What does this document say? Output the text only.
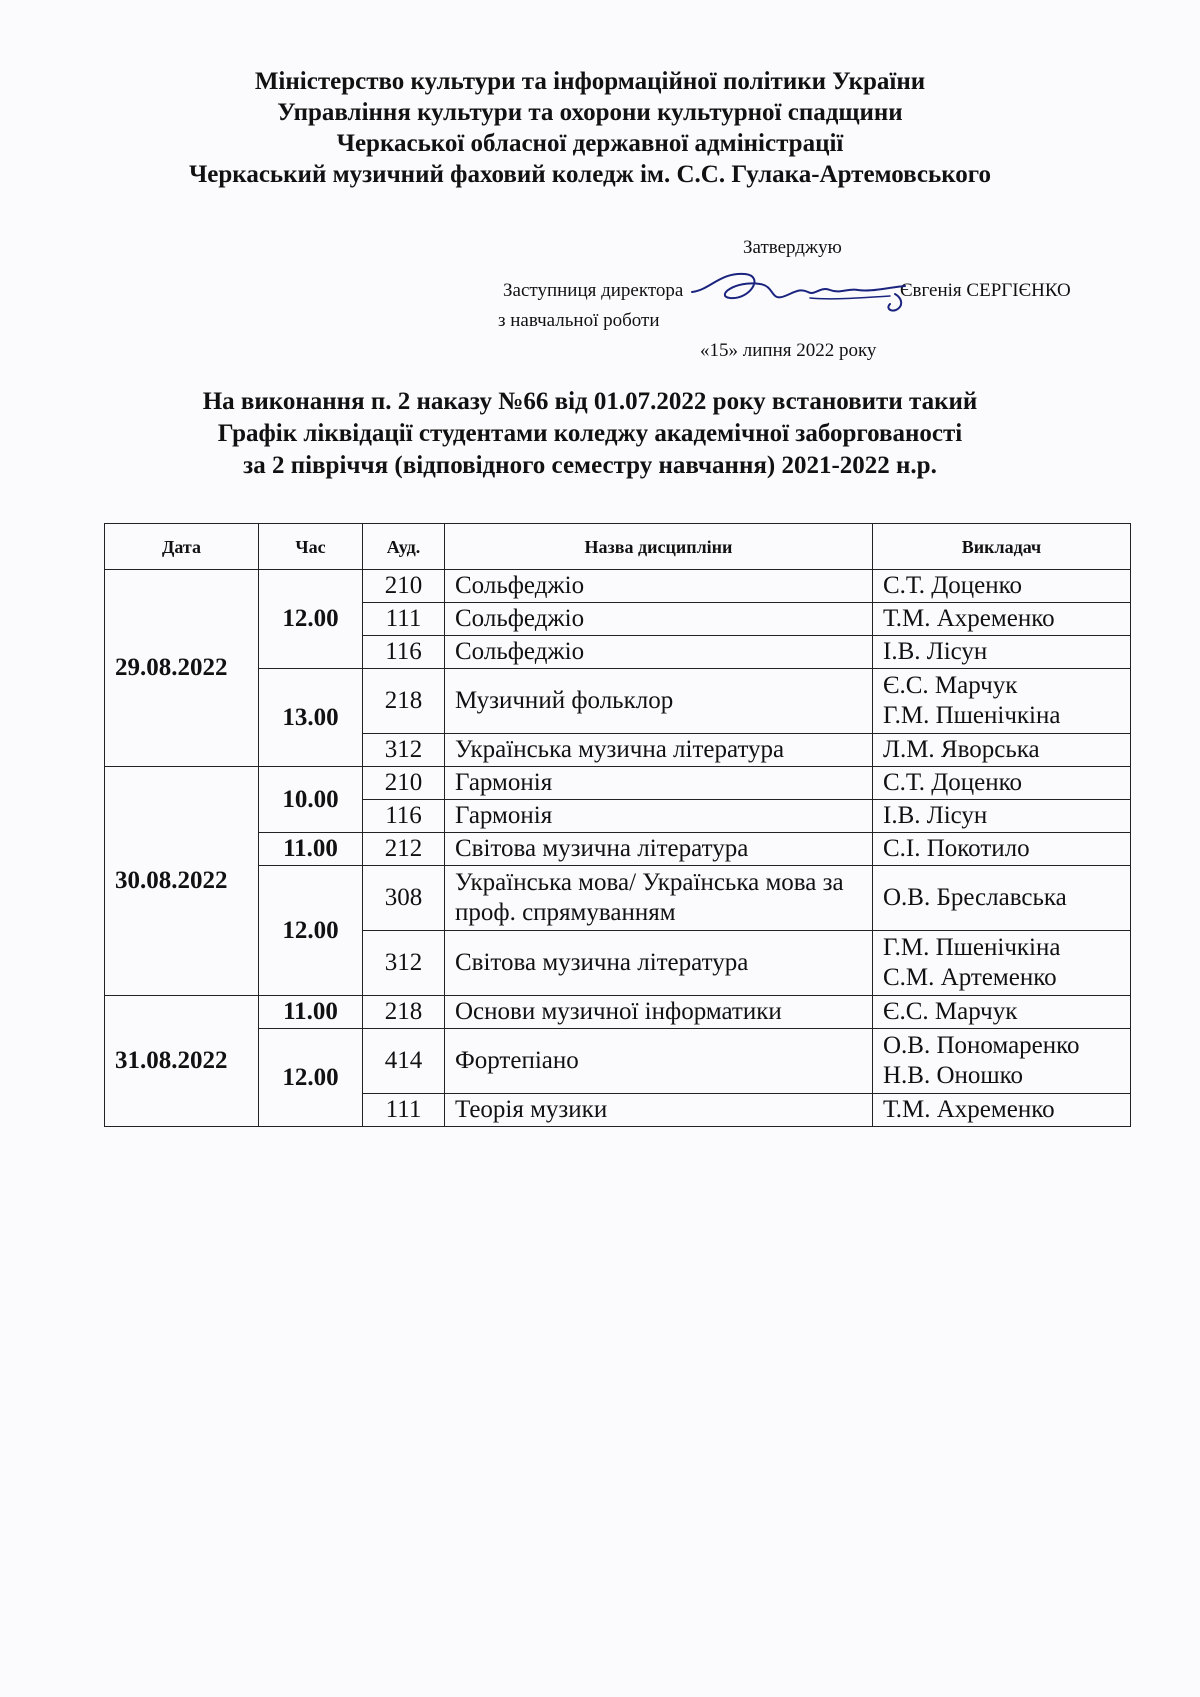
Міністерство культури та інформаційної політики України
Управління культури та охорони культурної спадщини
Черкаської обласної державної адміністрації
Черкаський музичний фаховий коледж ім. С.С. Гулака-Артемовського
Затверджую
Заступниця директора
з навчальної роботи
Євгенія СЕРГІЄНКО
«15» липня 2022 року
На виконання п. 2 наказу №66 від 01.07.2022 року встановити такий
Графік ліквідації студентами коледжу академічної заборгованості
за 2 півріччя (відповідного семестру навчання) 2021-2022 н.р.
Дата	Час	Ауд.	Назва дисципліни	Викладач
29.08.2022	12.00	210	Сольфеджіо	С.Т. Доценко

		111	Сольфеджіо	Т.М. Ахременко

		116	Сольфеджіо	І.В. Лісун

	13.00	218	Музичний фольклор	Є.С. Марчук
Г.М. Пшенічкіна

		312	Українська музична література	Л.М. Яворська

30.08.2022	10.00	210	Гармонія	С.Т. Доценко

		116	Гармонія	І.В. Лісун

	11.00	212	Світова музична література	С.І. Покотило

	12.00	308	Українська мова/ Українська мова за проф. спрямуванням	О.В. Бреславська

		312	Світова музична література	Г.М. Пшенічкіна
С.М. Артеменко

31.08.2022	11.00	218	Основи музичної інформатики	Є.С. Марчук

	12.00	414	Фортепіано	О.В. Пономаренко
Н.В. Оношко

		111	Теорія музики	Т.М. Ахременко
